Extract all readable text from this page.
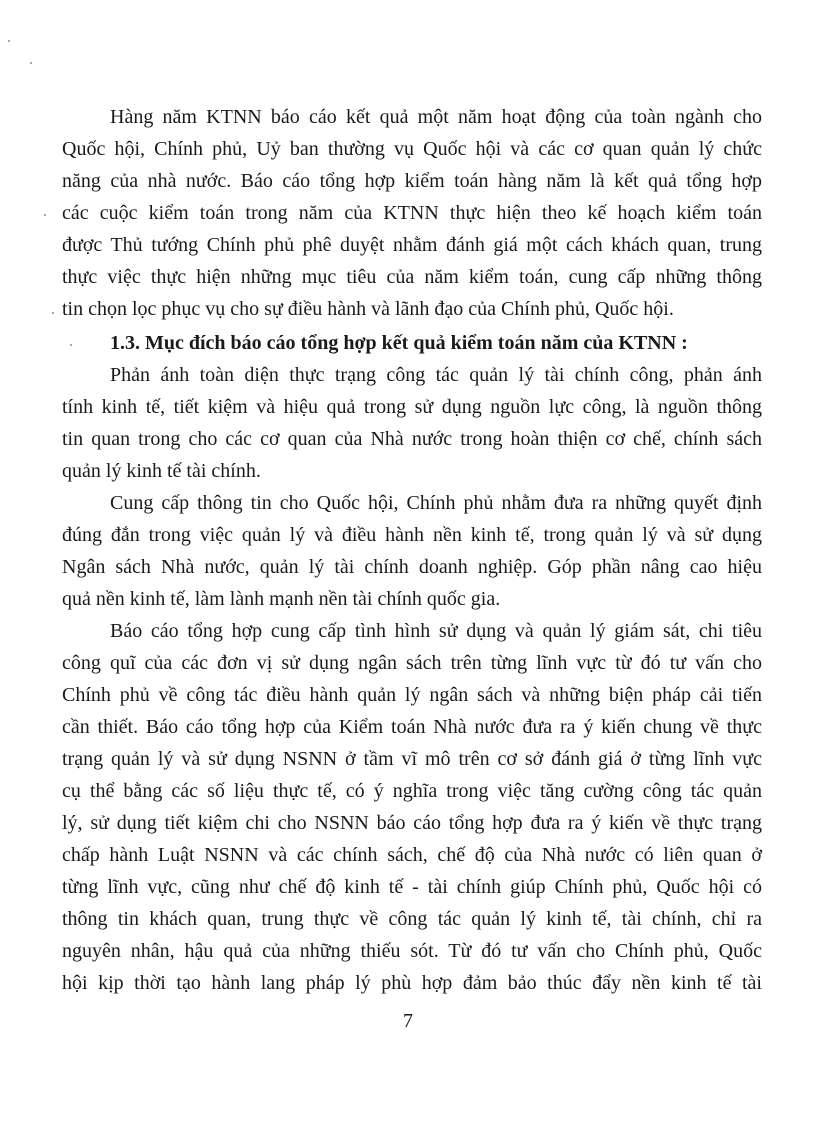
Hàng năm KTNN báo cáo kết quả một năm hoạt động của toàn ngành cho
Quốc hội, Chính phủ, Uỷ ban thường vụ Quốc hội và các cơ quan quản lý chức
năng của nhà nước. Báo cáo tổng hợp kiểm toán hàng năm là kết quả tổng hợp
các cuộc kiểm toán trong năm của KTNN thực hiện theo kế hoạch kiểm toán
được Thủ tướng Chính phủ phê duyệt nhằm đánh giá một cách khách quan, trung
thực việc thực hiện những mục tiêu của năm kiểm toán, cung cấp những thông
tin chọn lọc phục vụ cho sự điều hành và lãnh đạo của Chính phủ, Quốc hội.
1.3. Mục đích báo cáo tổng hợp kết quả kiểm toán năm của KTNN :
Phản ánh toàn diện thực trạng công tác quản lý tài chính công, phản ánh
tính kinh tế, tiết kiệm và hiệu quả trong sử dụng nguồn lực công, là nguồn thông
tin quan trong cho các cơ quan của Nhà nước trong hoàn thiện cơ chế, chính sách
quản lý kinh tế tài chính.
Cung cấp thông tin cho Quốc hội, Chính phủ nhằm đưa ra những quyết định
đúng đắn trong việc quản lý và điều hành nền kinh tế, trong quản lý và sử dụng
Ngân sách Nhà nước, quản lý tài chính doanh nghiệp. Góp phần nâng cao hiệu
quả nền kinh tế, làm lành mạnh nền tài chính quốc gia.
Báo cáo tổng hợp cung cấp tình hình sử dụng và quản lý giám sát, chi tiêu
công quĩ của các đơn vị sử dụng ngân sách trên từng lĩnh vực từ đó tư vấn cho
Chính phủ về công tác điều hành quản lý ngân sách và những biện pháp cải tiến
cần thiết. Báo cáo tổng hợp của Kiểm toán Nhà nước đưa ra ý kiến chung về thực
trạng quản lý và sử dụng NSNN ở tầm vĩ mô trên cơ sở đánh giá ở từng lĩnh vực
cụ thể bằng các số liệu thực tế, có ý nghĩa trong việc tăng cường công tác quản
lý, sử dụng tiết kiệm chi cho NSNN báo cáo tổng hợp đưa ra ý kiến về thực trạng
chấp hành Luật NSNN và các chính sách, chế độ của Nhà nước có liên quan ở
từng lĩnh vực, cũng như chế độ kinh tế - tài chính giúp Chính phủ, Quốc hội có
thông tin khách quan, trung thực về công tác quản lý kinh tế, tài chính, chỉ ra
nguyên nhân, hậu quả của những thiếu sót. Từ đó tư vấn cho Chính phủ, Quốc
hội kịp thời tạo hành lang pháp lý phù hợp đảm bảo thúc đẩy nền kinh tế tài
7
